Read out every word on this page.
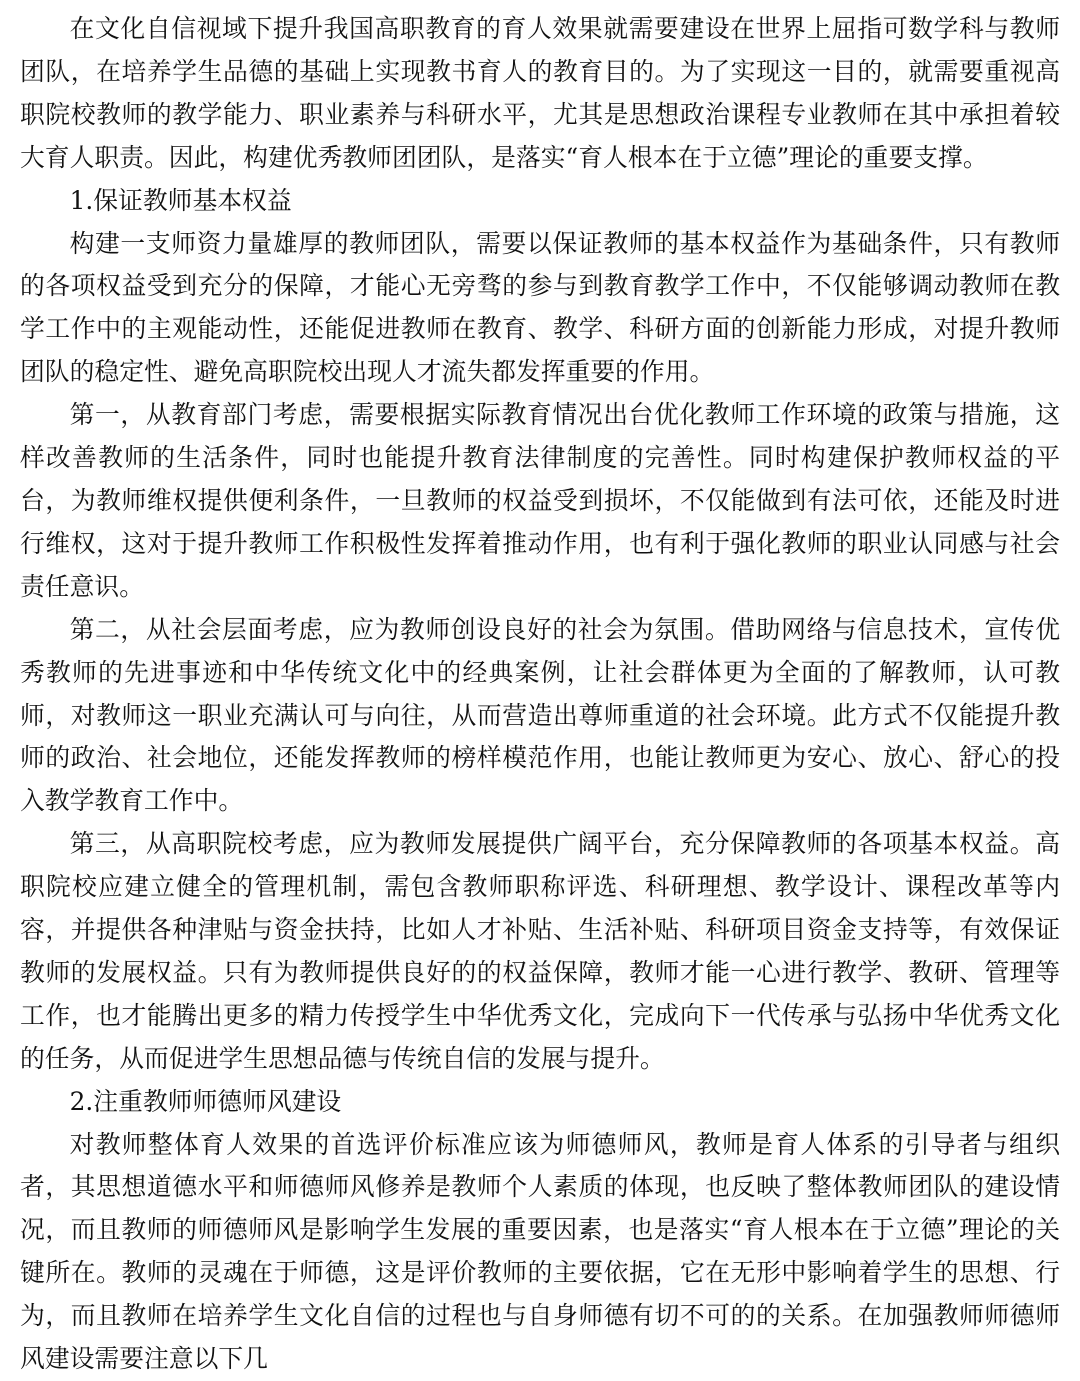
在文化自信视域下提升我国高职教育的育人效果就需要建设在世界上屈指可数学科与教师团队，在培养学生品德的基础上实现教书育人的教育目的。为了实现这一目的，就需要重视高职院校教师的教学能力、职业素养与科研水平，尤其是思想政治课程专业教师在其中承担着较大育人职责。因此，构建优秀教师团团队，是落实“育人根本在于立德”理论的重要支撑。

1.保证教师基本权益

构建一支师资力量雄厚的教师团队，需要以保证教师的基本权益作为基础条件，只有教师的各项权益受到充分的保障，才能心无旁骛的参与到教育教学工作中，不仅能够调动教师在教学工作中的主观能动性，还能促进教师在教育、教学、科研方面的创新能力形成，对提升教师团队的稳定性、避免高职院校出现人才流失都发挥重要的作用。

第一，从教育部门考虑，需要根据实际教育情况出台优化教师工作环境的政策与措施，这样改善教师的生活条件，同时也能提升教育法律制度的完善性。同时构建保护教师权益的平台，为教师维权提供便利条件，一旦教师的权益受到损坏，不仅能做到有法可依，还能及时进行维权，这对于提升教师工作积极性发挥着推动作用，也有利于强化教师的职业认同感与社会责任意识。

第二，从社会层面考虑，应为教师创设良好的社会为氛围。借助网络与信息技术，宣传优秀教师的先进事迹和中华传统文化中的经典案例，让社会群体更为全面的了解教师，认可教师，对教师这一职业充满认可与向往，从而营造出尊师重道的社会环境。此方式不仅能提升教师的政治、社会地位，还能发挥教师的榜样模范作用，也能让教师更为安心、放心、舒心的投入教学教育工作中。

第三，从高职院校考虑，应为教师发展提供广阔平台，充分保障教师的各项基本权益。高职院校应建立健全的管理机制，需包含教师职称评选、科研理想、教学设计、课程改革等内容，并提供各种津贴与资金扶持，比如人才补贴、生活补贴、科研项目资金支持等，有效保证教师的发展权益。只有为教师提供良好的的权益保障，教师才能一心进行教学、教研、管理等工作，也才能腾出更多的精力传授学生中华优秀文化，完成向下一代传承与弘扬中华优秀文化的任务，从而促进学生思想品德与传统自信的发展与提升。

2.注重教师师德师风建设

对教师整体育人效果的首选评价标准应该为师德师风，教师是育人体系的引导者与组织者，其思想道德水平和师德师风修养是教师个人素质的体现，也反映了整体教师团队的建设情况，而且教师的师德师风是影响学生发展的重要因素，也是落实“育人根本在于立德”理论的关键所在。教师的灵魂在于师德，这是评价教师的主要依据，它在无形中影响着学生的思想、行为，而且教师在培养学生文化自信的过程也与自身师德有切不可的的关系。在加强教师师德师风建设需要注意以下几
